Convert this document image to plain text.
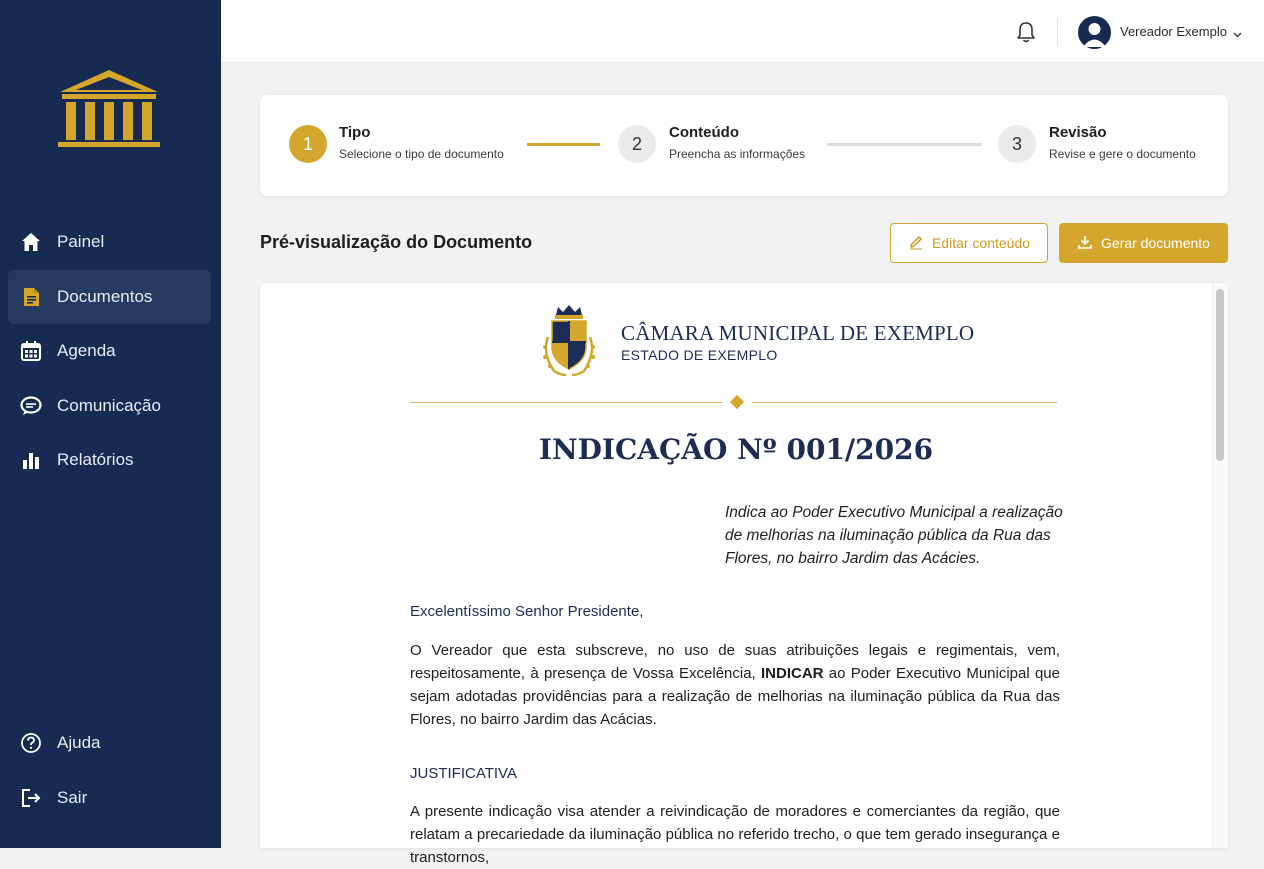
Painel
Documentos
Agenda
Comunicação
Relatórios
Ajuda
Sair
Vereador Exemplo
1
Tipo
Selecione o tipo de documento
2
Conteúdo
Preencha as informações
3
Revisão
Revise e gere o documento
Pré-visualização do Documento	Editar conteúdo	Gerar documento
CÂMARA MUNICIPAL DE EXEMPLO
ESTADO DE EXEMPLO
INDICAÇÃO Nº 001/2026

Indica ao Poder Executivo Municipal a realização de melhorias na iluminação pública da Rua das Flores, no bairro Jardim das Acácies.

Excelentíssimo Senhor Presidente,

O Vereador que esta subscreve, no uso de suas atribuições legais e regimentais, vem, respeitosamente, à presença de Vossa Excelência, INDICAR ao Poder Executivo Municipal que sejam adotadas providências para a realização de melhorias na iluminação pública da Rua das Flores, no bairro Jardim das Acácias.

JUSTIFICATIVA

A presente indicação visa atender a reivindicação de moradores e comerciantes da região, que relatam a precariedade da iluminação pública no referido trecho, o que tem gerado insegurança e transtornos,
